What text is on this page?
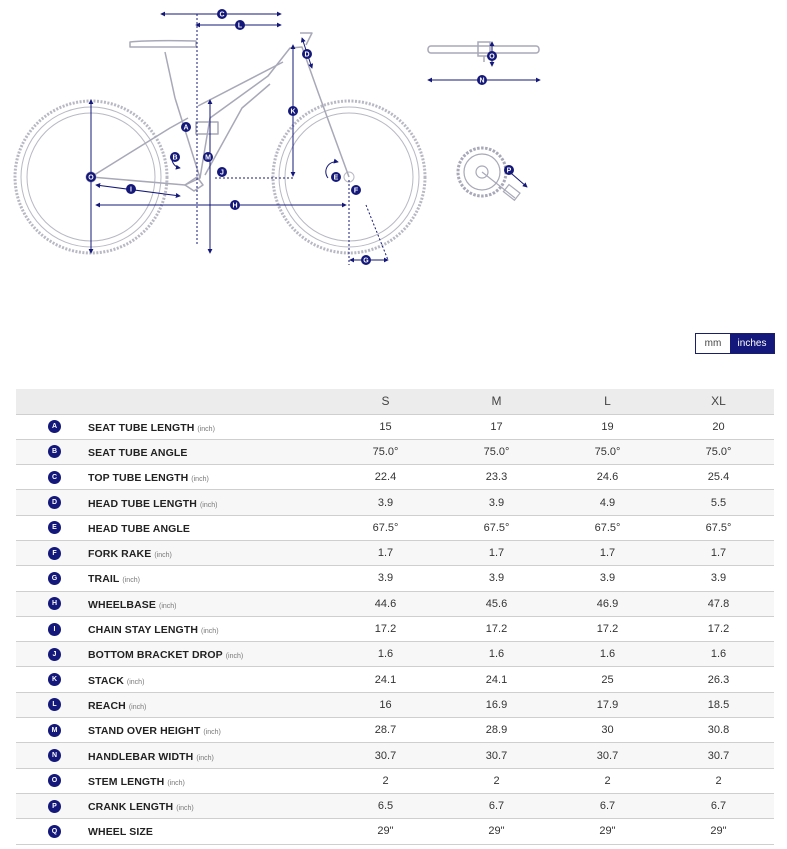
C
L
D
K
A
B	M
J
O
I
H
E
F
G
N
O
P
mm	inches
		S	M	L	XL

A	SEAT TUBE LENGTH (inch)	15	17	19	20

B	SEAT TUBE ANGLE	75.0°	75.0°	75.0°	75.0°

C	TOP TUBE LENGTH (inch)	22.4	23.3	24.6	25.4

D	HEAD TUBE LENGTH (inch)	3.9	3.9	4.9	5.5

E	HEAD TUBE ANGLE	67.5°	67.5°	67.5°	67.5°

F	FORK RAKE (inch)	1.7	1.7	1.7	1.7

G	TRAIL (inch)	3.9	3.9	3.9	3.9

H	WHEELBASE (inch)	44.6	45.6	46.9	47.8

I	CHAIN STAY LENGTH (inch)	17.2	17.2	17.2	17.2

J	BOTTOM BRACKET DROP (inch)	1.6	1.6	1.6	1.6

K	STACK (inch)	24.1	24.1	25	26.3

L	REACH (inch)	16	16.9	17.9	18.5

M	STAND OVER HEIGHT (inch)	28.7	28.9	30	30.8

N	HANDLEBAR WIDTH (inch)	30.7	30.7	30.7	30.7

O	STEM LENGTH (inch)	2	2	2	2

P	CRANK LENGTH (inch)	6.5	6.7	6.7	6.7

Q	WHEEL SIZE	29"	29"	29"	29"
